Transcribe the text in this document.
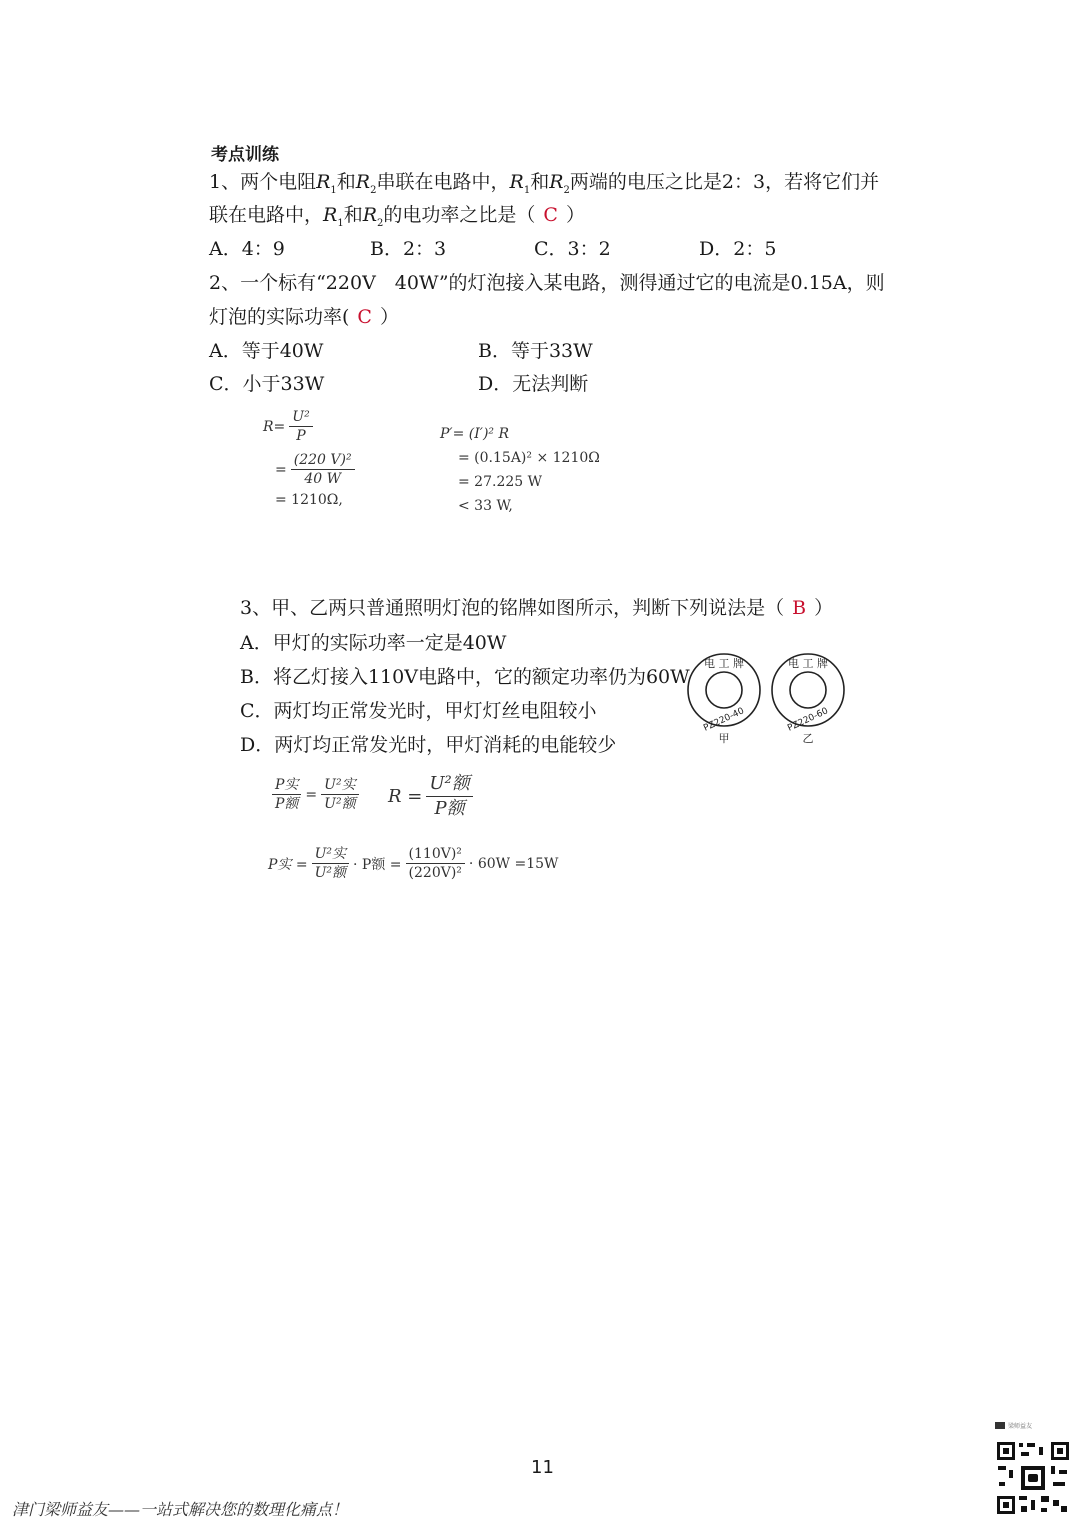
考点训练
1、两个电阻$R_1$和$R_2$串联在电路中，$R_1$和$R_2$两端的电压之比是2：3，若将它们并
联在电路中，$R_1$和$R_2$的电功率之比是（ C ）
A．4：9	B．2：3	C．3：2	D．2：5
2、一个标有“220V　40W”的灯泡接入某电路，测得通过它的电流是0.15A，则
灯泡的实际功率( C ）
A．等于40W	B．等于33W
C．小于33W	D．无法判断
$R= \frac{\text{U²}}{P}$
= $\frac{\text{(220 V)²}}{40 W}$
= 1210Ω,
P′= (I′)² R
= (0.15A)² × 1210Ω
= 27.225 W
< 33 W,
3、甲、乙两只普通照明灯泡的铭牌如图所示，判断下列说法是（ B ）
A．甲灯的实际功率一定是40W
B．将乙灯接入110V电路中，它的额定功率仍为60W
C．两灯均正常发光时，甲灯灯丝电阻较小
D．两灯均正常发光时，甲灯消耗的电能较少
电 工 牌
PZ220-40
甲
电 工 牌
PZ220-60
乙
$\frac{\text{P实}}{\text{P额}} = \frac{\text{U²实}}{\text{U²额}}$ $R = \frac{\text{U²额}}{\text{P额}}$
P实 = $\frac{\text{U²实}}{\text{U²额}} \cdot P$额 = $\frac{\text{(110V)²}}{\text{(220V)²}} \cdot 60W =15W$
11
津门梁师益友——一站式解决您的数理化痛点！
梁师益友
